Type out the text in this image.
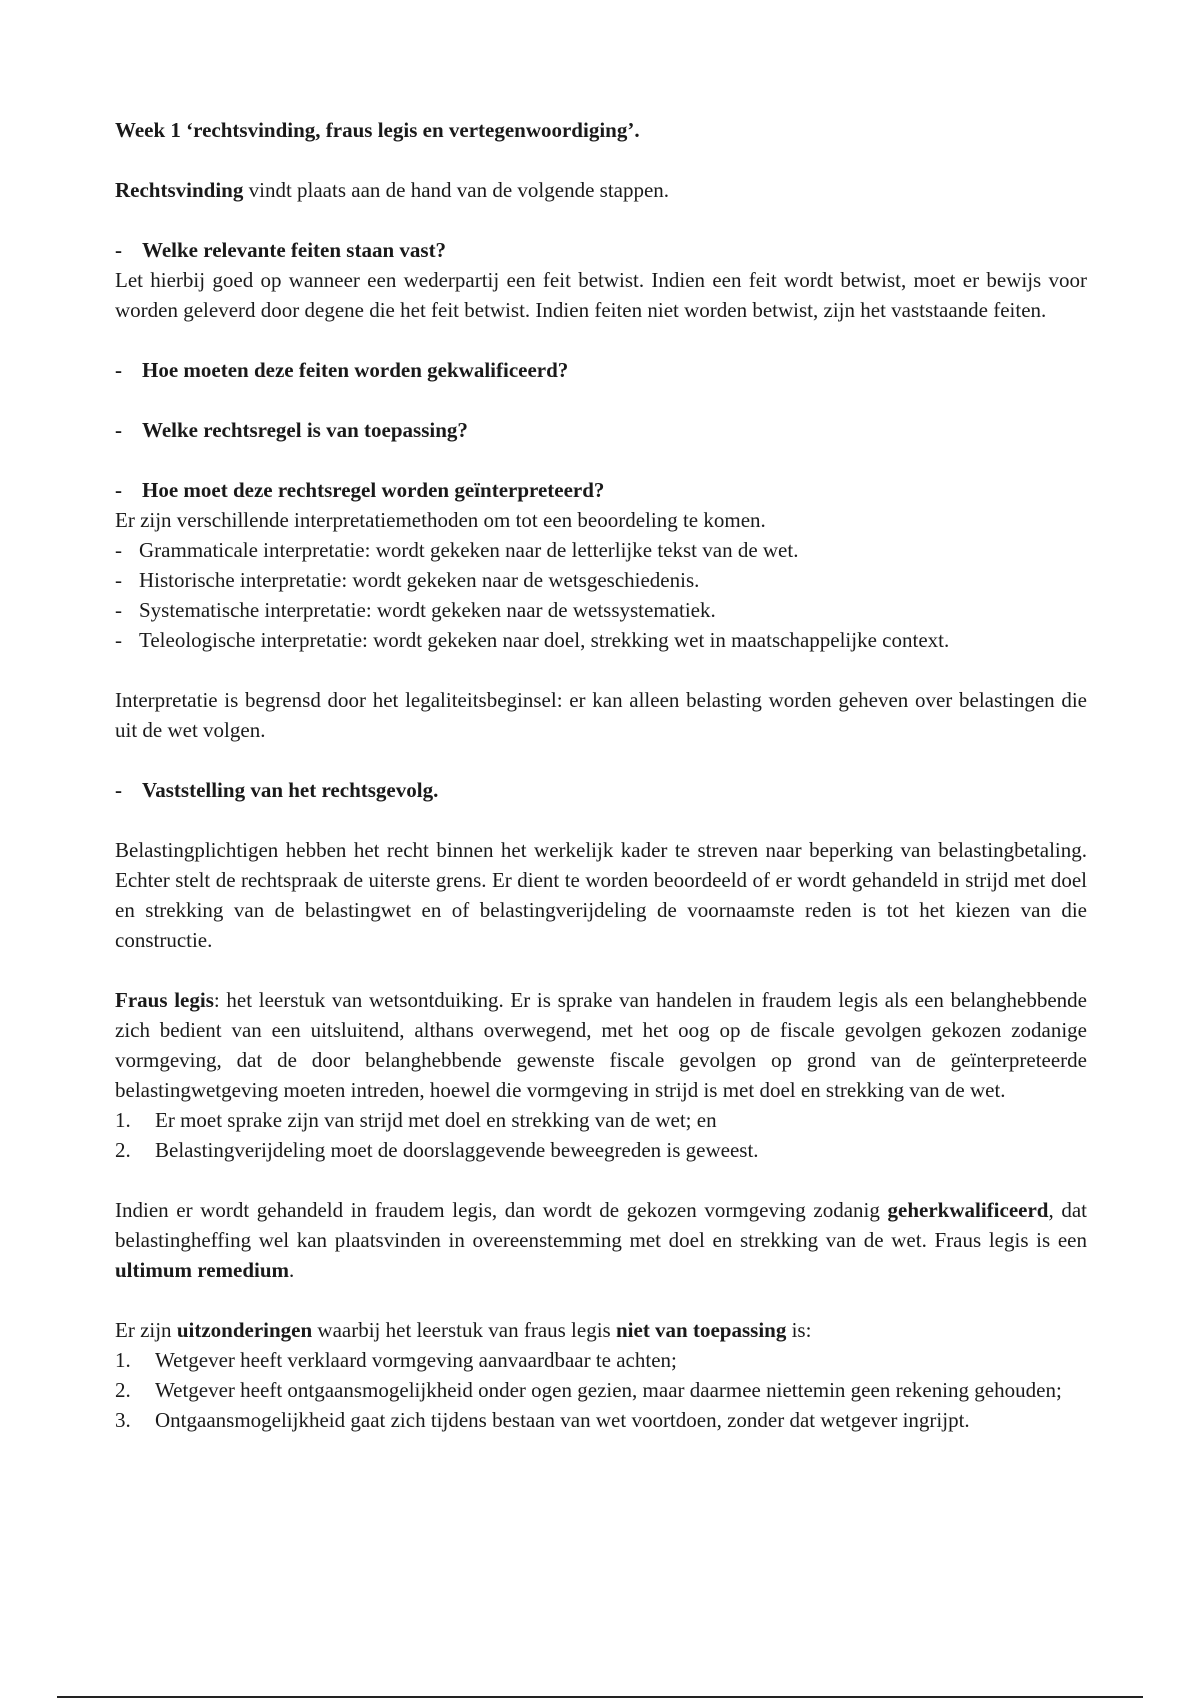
Week 1 ‘rechtsvinding, fraus legis en vertegenwoordiging’.

Rechtsvinding vindt plaats aan de hand van de volgende stappen.

- Welke relevante feiten staan vast?

Let hierbij goed op wanneer een wederpartij een feit betwist. Indien een feit wordt betwist, moet er bewijs voor worden geleverd door degene die het feit betwist. Indien feiten niet worden betwist, zijn het vaststaande feiten.

- Hoe moeten deze feiten worden gekwalificeerd?
- Welke rechtsregel is van toepassing?
- Hoe moet deze rechtsregel worden geïnterpreteerd?

Er zijn verschillende interpretatiemethoden om tot een beoordeling te komen.

- Grammaticale interpretatie: wordt gekeken naar de letterlijke tekst van de wet.
- Historische interpretatie: wordt gekeken naar de wetsgeschiedenis.
- Systematische interpretatie: wordt gekeken naar de wetssystematiek.
- Teleologische interpretatie: wordt gekeken naar doel, strekking wet in maatschappelijke context.

Interpretatie is begrensd door het legaliteitsbeginsel: er kan alleen belasting worden geheven over belastingen die uit de wet volgen.

- Vaststelling van het rechtsgevolg.

Belastingplichtigen hebben het recht binnen het werkelijk kader te streven naar beperking van belastingbetaling. Echter stelt de rechtspraak de uiterste grens. Er dient te worden beoordeeld of er wordt gehandeld in strijd met doel en strekking van de belastingwet en of belastingverijdeling de voornaamste reden is tot het kiezen van die constructie.

Fraus legis: het leerstuk van wetsontduiking. Er is sprake van handelen in fraudem legis als een belanghebbende zich bedient van een uitsluitend, althans overwegend, met het oog op de fiscale gevolgen gekozen zodanige vormgeving, dat de door belanghebbende gewenste fiscale gevolgen op grond van de geïnterpreteerde belastingwetgeving moeten intreden, hoewel die vormgeving in strijd is met doel en strekking van de wet.

1.	Er moet sprake zijn van strijd met doel en strekking van de wet; en
2.	Belastingverijdeling moet de doorslaggevende beweegreden is geweest.

Indien er wordt gehandeld in fraudem legis, dan wordt de gekozen vormgeving zodanig geherkwalificeerd, dat belastingheffing wel kan plaatsvinden in overeenstemming met doel en strekking van de wet. Fraus legis is een ultimum remedium.

Er zijn uitzonderingen waarbij het leerstuk van fraus legis niet van toepassing is:

1.	Wetgever heeft verklaard vormgeving aanvaardbaar te achten;
2.	Wetgever heeft ontgaansmogelijkheid onder ogen gezien, maar daarmee niettemin geen rekening gehouden;
3.	Ontgaansmogelijkheid gaat zich tijdens bestaan van wet voortdoen, zonder dat wetgever ingrijpt.
